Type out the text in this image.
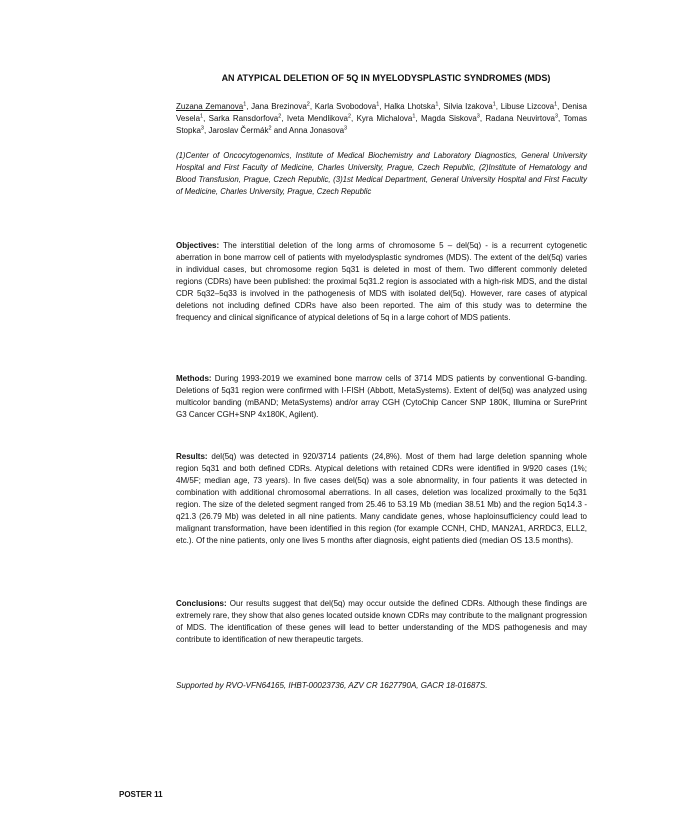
AN ATYPICAL DELETION OF 5Q IN MYELODYSPLASTIC SYNDROMES (MDS)
Zuzana Zemanova$^1$, Jana Brezinova$^2$, Karla Svobodova$^1$, Halka Lhotska$^1$, Silvia Izakova$^1$, Libuse Lizcova$^1$, Denisa Vesela$^1$, Sarka Ransdorfova$^2$, Iveta Mendlikova$^2$, Kyra Michalova$^1$, Magda Siskova$^3$, Radana Neuvirtova$^3$, Tomas Stopka$^3$, Jaroslav Čermák$^2$ and Anna Jonasova$^3$
(1)Center of Oncocytogenomics, Institute of Medical Biochemistry and Laboratory Diagnostics, General University Hospital and First Faculty of Medicine, Charles University, Prague, Czech Republic, (2)Institute of Hematology and Blood Transfusion, Prague, Czech Republic, (3)1st Medical Department, General University Hospital and First Faculty of Medicine, Charles University, Prague, Czech Republic

Objectives: The interstitial deletion of the long arms of chromosome 5 – del(5q) - is a recurrent cytogenetic aberration in bone marrow cell of patients with myelodysplastic syndromes (MDS). The extent of the del(5q) varies in individual cases, but chromosome region 5q31 is deleted in most of them. Two different commonly deleted regions (CDRs) have been published: the proximal 5q31.2 region is associated with a high-risk MDS, and the distal CDR 5q32–5q33 is involved in the pathogenesis of MDS with isolated del(5q). However, rare cases of atypical deletions not including defined CDRs have also been reported. The aim of this study was to determine the frequency and clinical significance of atypical deletions of 5q in a large cohort of MDS patients.

Methods: During 1993-2019 we examined bone marrow cells of 3714 MDS patients by conventional G-banding. Deletions of 5q31 region were confirmed with I-FISH (Abbott, MetaSystems). Extent of del(5q) was analyzed using multicolor banding (mBAND; MetaSystems) and/or array CGH (CytoChip Cancer SNP 180K, Illumina or SurePrint G3 Cancer CGH+SNP 4x180K, Agilent).

Results: del(5q) was detected in 920/3714 patients (24,8%). Most of them had large deletion spanning whole region 5q31 and both defined CDRs. Atypical deletions with retained CDRs were identified in 9/920 cases (1%; 4M/5F; median age, 73 years). In five cases del(5q) was a sole abnormality, in four patients it was detected in combination with additional chromosomal aberrations. In all cases, deletion was localized proximally to the 5q31 region. The size of the deleted segment ranged from 25.46 to 53.19 Mb (median 38.51 Mb) and the region 5q14.3 - q21.3 (26.79 Mb) was deleted in all nine patients. Many candidate genes, whose haploinsufficiency could lead to malignant transformation, have been identified in this region (for example CCNH, CHD, MAN2A1, ARRDC3, ELL2, etc.). Of the nine patients, only one lives 5 months after diagnosis, eight patients died (median OS 13.5 months).

Conclusions: Our results suggest that del(5q) may occur outside the defined CDRs. Although these findings are extremely rare, they show that also genes located outside known CDRs may contribute to the malignant progression of MDS. The identification of these genes will lead to better understanding of the MDS pathogenesis and may contribute to identification of new therapeutic targets.

Supported by RVO-VFN64165, IHBT-00023736, AZV CR 1627790A, GACR 18-01687S.
POSTER 11
